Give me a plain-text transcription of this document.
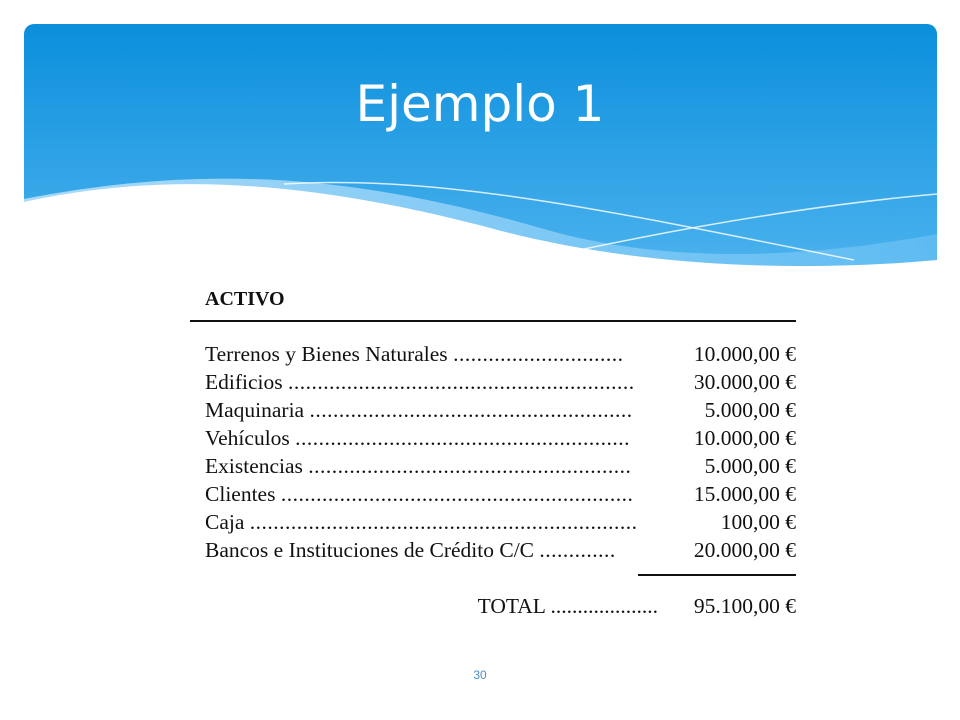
Ejemplo 1
ACTIVO
Terrenos y Bienes Naturales .............................	10.000,00 €
Edificios ...........................................................	30.000,00 €
Maquinaria .......................................................	5.000,00 €
Vehículos .........................................................	10.000,00 €
Existencias .......................................................	5.000,00 €
Clientes ............................................................	15.000,00 €
Caja ..................................................................	100,00 €
Bancos e Instituciones de Crédito C/C .............	20.000,00 €
TOTAL .................... 95.100,00 €
30
